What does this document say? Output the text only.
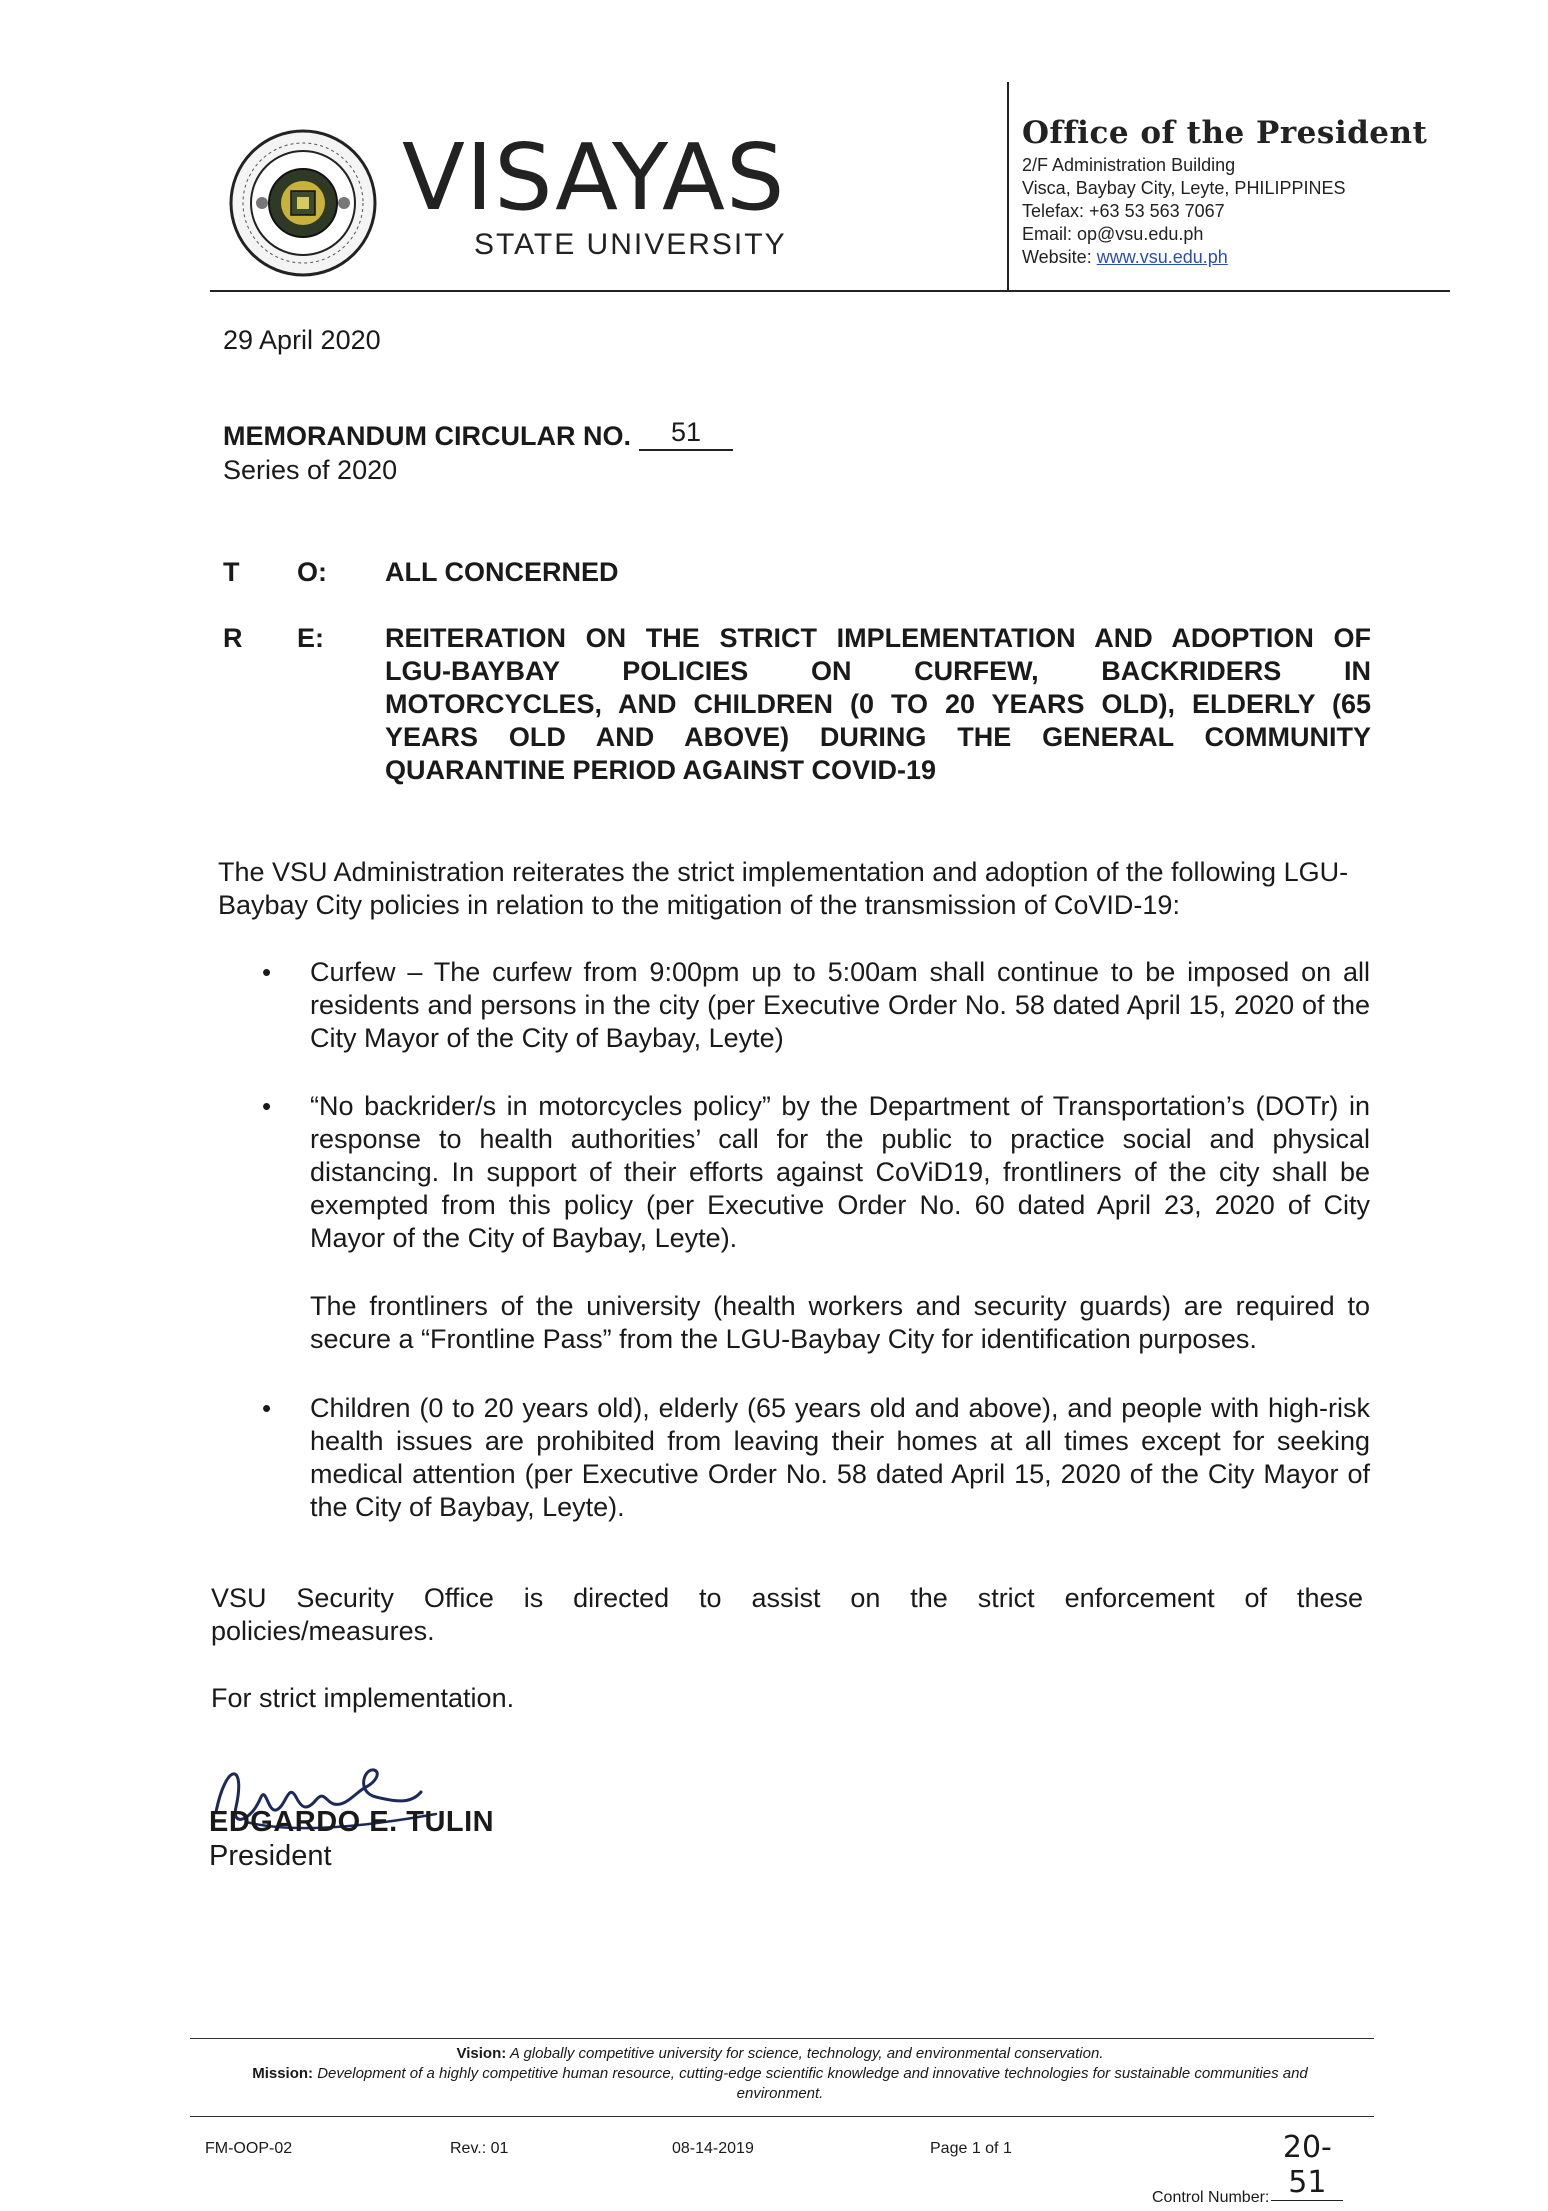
VISAYAS
STATE UNIVERSITY
Office of the President
2/F Administration Building
Visca, Baybay City, Leyte, PHILIPPINES
Telefax: +63 53 563 7067
Email: op@vsu.edu.ph
Website: www.vsu.edu.ph
29 April 2020
MEMORANDUM CIRCULAR NO. 51
Series of 2020
T O: ALL CONCERNED
R E: REITERATION ON THE STRICT IMPLEMENTATION AND ADOPTION OF
LGU-BAYBAY POLICIES ON CURFEW, BACKRIDERS IN
MOTORCYCLES, AND CHILDREN (0 TO 20 YEARS OLD), ELDERLY (65
YEARS OLD AND ABOVE) DURING THE GENERAL COMMUNITY
QUARANTINE PERIOD AGAINST COVID-19
The VSU Administration reiterates the strict implementation and adoption of the following LGU-Baybay City policies in relation to the mitigation of the transmission of CoVID-19:
• Curfew – The curfew from 9:00pm up to 5:00am shall continue to be imposed on all residents and persons in the city (per Executive Order No. 58 dated April 15, 2020 of the City Mayor of the City of Baybay, Leyte)
• “No backrider/s in motorcycles policy” by the Department of Transportation’s (DOTr) in response to health authorities’ call for the public to practice social and physical distancing. In support of their efforts against CoViD19, frontliners of the city shall be exempted from this policy (per Executive Order No. 60 dated April 23, 2020 of City Mayor of the City of Baybay, Leyte).
The frontliners of the university (health workers and security guards) are required to secure a “Frontline Pass” from the LGU-Baybay City for identification purposes.
• Children (0 to 20 years old), elderly (65 years old and above), and people with high-risk health issues are prohibited from leaving their homes at all times except for seeking medical attention (per Executive Order No. 58 dated April 15, 2020 of the City Mayor of the City of Baybay, Leyte).
VSU Security Office is directed to assist on the strict enforcement of these
policies/measures.
For strict implementation.
EDGARDO E. TULIN
President
Vision: A globally competitive university for science, technology, and environmental conservation.
Mission: Development of a highly competitive human resource, cutting-edge scientific knowledge and innovative technologies for sustainable communities and environment.
FM-OOP-02	Rev.: 01	08-14-2019	Page 1 of 1
Control Number:20-51
